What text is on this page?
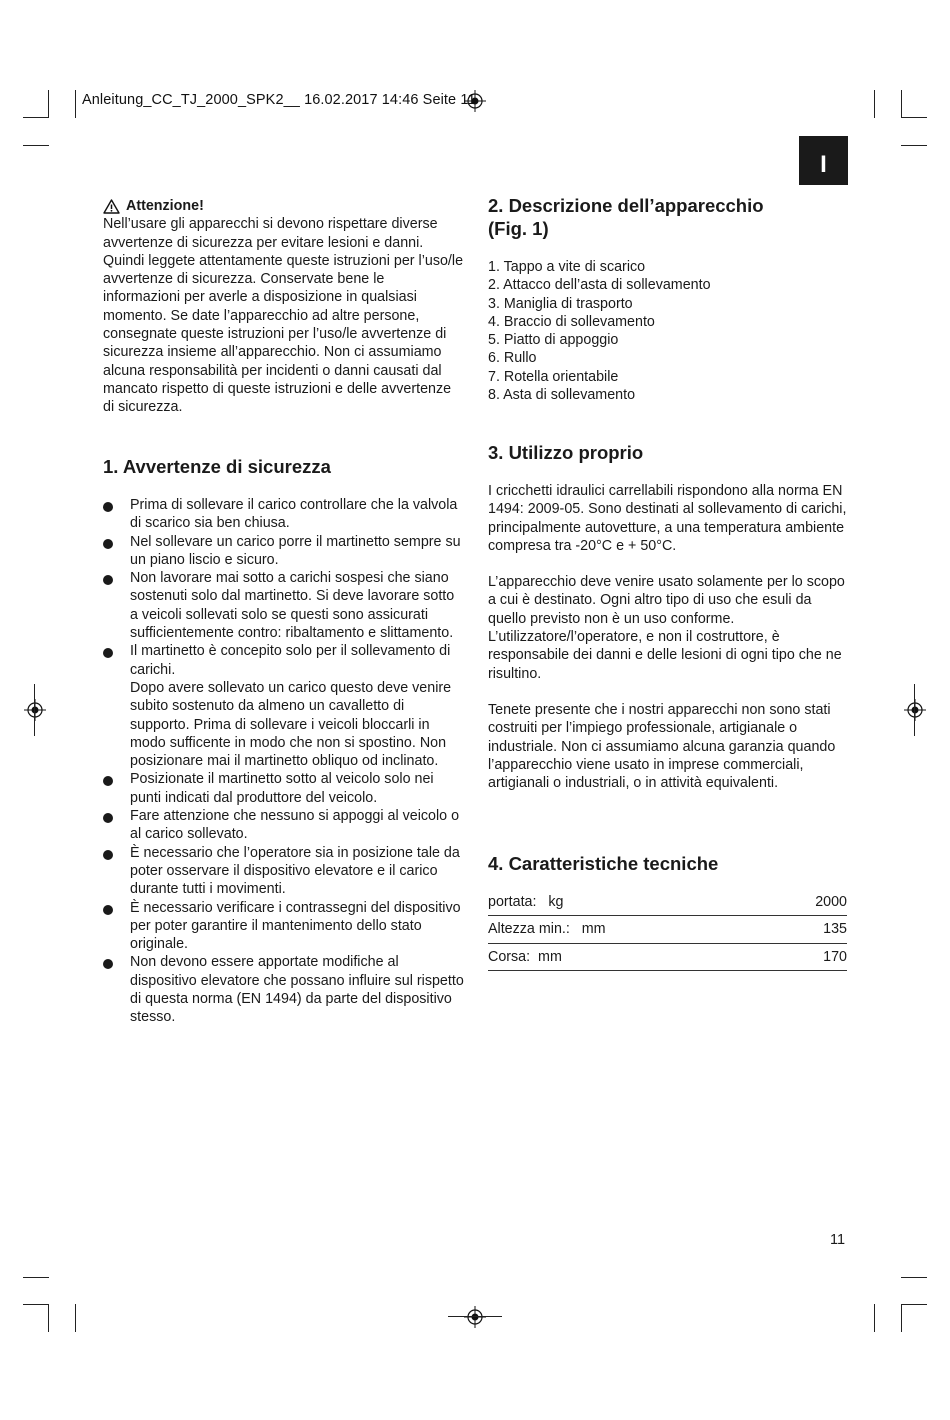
Anleitung_CC_TJ_2000_SPK2__ 16.02.2017 14:46 Seite 11
I
Attenzione!

Nell’usare gli apparecchi si devono rispettare diverse avvertenze di sicurezza per evitare lesioni e danni. Quindi leggete attentamente queste istruzioni per l’uso/le avvertenze di sicurezza. Conservate bene le informazioni per averle a disposizione in qualsiasi momento. Se date l’apparecchio ad altre persone, consegnate queste istruzioni per l’uso/le avvertenze di sicurezza insieme all’apparecchio. Non ci assumiamo alcuna responsabilità per incidenti o danni causati dal mancato rispetto di queste istruzioni e delle avvertenze di sicurezza.

1. Avvertenze di sicurezza
Prima di sollevare il carico controllare che la valvola di scarico sia ben chiusa.
Nel sollevare un carico porre il martinetto sempre su un piano liscio e sicuro.
Non lavorare mai sotto a carichi sospesi che siano sostenuti solo dal martinetto. Si deve lavorare sotto a veicoli sollevati solo se questi sono assicurati sufficientemente contro: ribaltamento e slittamento.
Il martinetto è concepito solo per il sollevamento di carichi.
Dopo avere sollevato un carico questo deve venire subito sostenuto da almeno un cavalletto di supporto. Prima di sollevare i veicoli bloccarli in modo sufficente in modo che non si spostino. Non posizionare mai il martinetto obliquo od inclinato.
Posizionate il martinetto sotto al veicolo solo nei punti indicati dal produttore del veicolo.
Fare attenzione che nessuno si appoggi al veicolo o al carico sollevato.
È necessario che l’operatore sia in posizione tale da poter osservare il dispositivo elevatore e il carico durante tutti i movimenti.
È necessario verificare i contrassegni del dispositivo per poter garantire il mantenimento dello stato originale.
Non devono essere apportate modifiche al dispositivo elevatore che possano influire sul rispetto di questa norma (EN 1494) da parte del dispositivo stesso.
2. Descrizione dell’apparecchio
(Fig. 1)
1. Tappo a vite di scarico
2. Attacco dell’asta di sollevamento
3. Maniglia di trasporto
4. Braccio di sollevamento
5. Piatto di appoggio
6. Rullo
7. Rotella orientabile
8. Asta di sollevamento
3. Utilizzo proprio

I cricchetti idraulici carrellabili rispondono alla norma EN 1494: 2009-05. Sono destinati al sollevamento di carichi, principalmente autovetture, a una temperatura ambiente compresa tra -20°C e + 50°C.

L’apparecchio deve venire usato solamente per lo scopo a cui è destinato. Ogni altro tipo di uso che esuli da quello previsto non è un uso conforme. L’utilizzatore/l’operatore, e non il costruttore, è responsabile dei danni e delle lesioni di ogni tipo che ne risultino.

Tenete presente che i nostri apparecchi non sono stati costruiti per l’impiego professionale, artigianale o industriale. Non ci assumiamo alcuna garanzia quando l’apparecchio viene usato in imprese commerciali, artigianali o industriali, o in attività equivalenti.

4. Caratteristiche tecniche
portata:   kg	2000
Altezza min.:   mm	135
Corsa:  mm	170
11
